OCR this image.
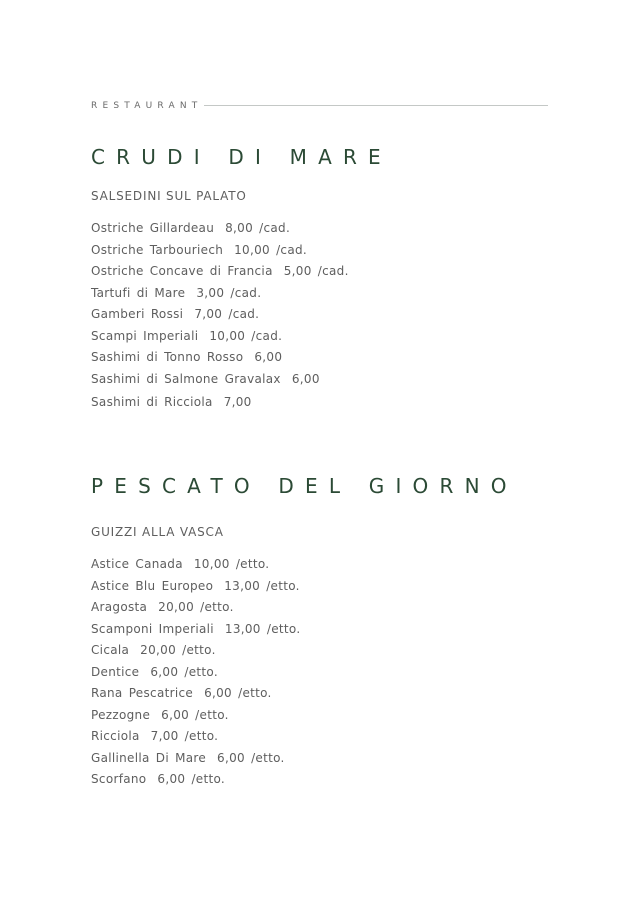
RESTAURANT
CRUDI DI MARE
SALSEDINI SUL PALATO
Ostriche Gillardeau 8,00 /cad.
Ostriche Tarbouriech 10,00 /cad.
Ostriche Concave di Francia 5,00 /cad.
Tartufi di Mare 3,00 /cad.
Gamberi Rossi 7,00 /cad.
Scampi Imperiali 10,00 /cad.
Sashimi di Tonno Rosso 6,00
Sashimi di Salmone Gravalax 6,00
Sashimi di Ricciola 7,00
PESCATO DEL GIORNO
GUIZZI ALLA VASCA
Astice Canada 10,00 /etto.
Astice Blu Europeo 13,00 /etto.
Aragosta 20,00 /etto.
Scamponi Imperiali 13,00 /etto.
Cicala 20,00 /etto.
Dentice 6,00 /etto.
Rana Pescatrice 6,00 /etto.
Pezzogne 6,00 /etto.
Ricciola 7,00 /etto.
Gallinella Di Mare 6,00 /etto.
Scorfano 6,00 /etto.
